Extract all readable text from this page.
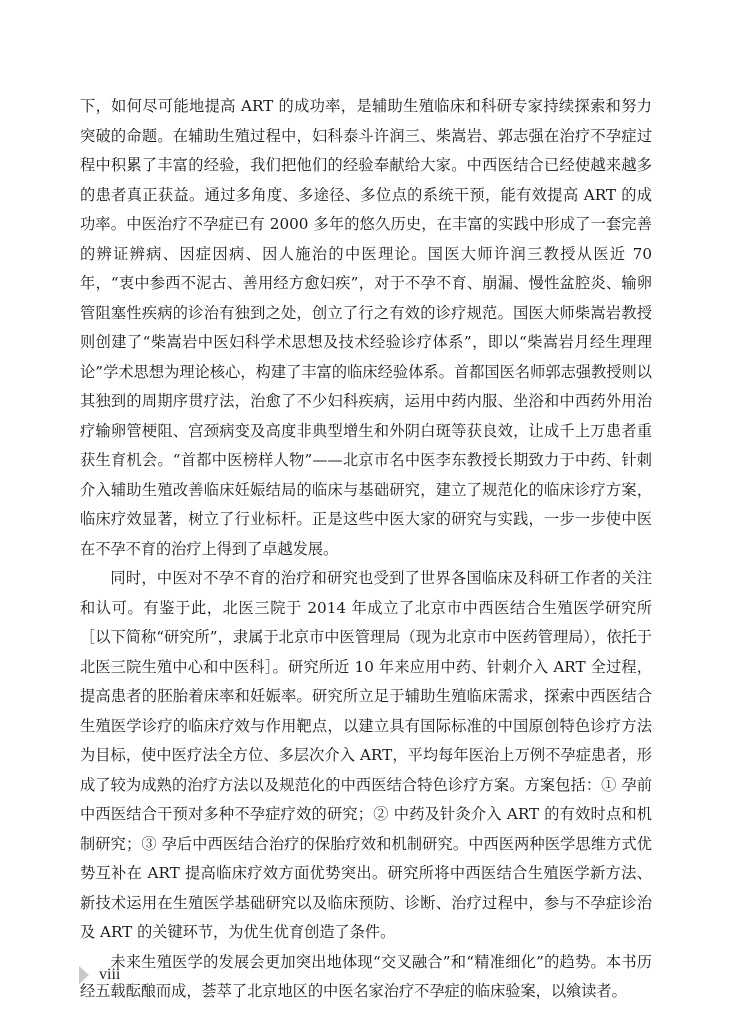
下，如何尽可能地提高 ART 的成功率，是辅助生殖临床和科研专家持续探索和努力突破的命题。在辅助生殖过程中，妇科泰斗许润三、柴嵩岩、郭志强在治疗不孕症过程中积累了丰富的经验，我们把他们的经验奉献给大家。中西医结合已经使越来越多的患者真正获益。通过多角度、多途径、多位点的系统干预，能有效提高 ART 的成功率。中医治疗不孕症已有 2000 多年的悠久历史，在丰富的实践中形成了一套完善的辨证辨病、因症因病、因人施治的中医理论。国医大师许润三教授从医近 70 年，“衷中参西不泥古、善用经方愈妇疾”，对于不孕不育、崩漏、慢性盆腔炎、输卵管阻塞性疾病的诊治有独到之处，创立了行之有效的诊疗规范。国医大师柴嵩岩教授则创建了“柴嵩岩中医妇科学术思想及技术经验诊疗体系”，即以“柴嵩岩月经生理理论”学术思想为理论核心，构建了丰富的临床经验体系。首都国医名师郭志强教授则以其独到的周期序贯疗法，治愈了不少妇科疾病，运用中药内服、坐浴和中西药外用治疗输卵管梗阻、宫颈病变及高度非典型增生和外阴白斑等获良效，让成千上万患者重获生育机会。“首都中医榜样人物”——北京市名中医李东教授长期致力于中药、针刺介入辅助生殖改善临床妊娠结局的临床与基础研究，建立了规范化的临床诊疗方案，临床疗效显著，树立了行业标杆。正是这些中医大家的研究与实践，一步一步使中医在不孕不育的治疗上得到了卓越发展。

同时，中医对不孕不育的治疗和研究也受到了世界各国临床及科研工作者的关注和认可。有鉴于此，北医三院于 2014 年成立了北京市中西医结合生殖医学研究所［以下简称“研究所”，隶属于北京市中医管理局（现为北京市中医药管理局），依托于北医三院生殖中心和中医科］。研究所近 10 年来应用中药、针刺介入 ART 全过程，提高患者的胚胎着床率和妊娠率。研究所立足于辅助生殖临床需求，探索中西医结合生殖医学诊疗的临床疗效与作用靶点，以建立具有国际标准的中国原创特色诊疗方法为目标，使中医疗法全方位、多层次介入 ART，平均每年医治上万例不孕症患者，形成了较为成熟的治疗方法以及规范化的中西医结合特色诊疗方案。方案包括：① 孕前中西医结合干预对多种不孕症疗效的研究；② 中药及针灸介入 ART 的有效时点和机制研究；③ 孕后中西医结合治疗的保胎疗效和机制研究。中西医两种医学思维方式优势互补在 ART 提高临床疗效方面优势突出。研究所将中西医结合生殖医学新方法、新技术运用在生殖医学基础研究以及临床预防、诊断、治疗过程中，参与不孕症诊治及 ART 的关键环节，为优生优育创造了条件。

未来生殖医学的发展会更加突出地体现“交叉融合”和“精准细化”的趋势。本书历经五载酝酿而成，荟萃了北京地区的中医名家治疗不孕症的临床验案，以飨读者。

viii
